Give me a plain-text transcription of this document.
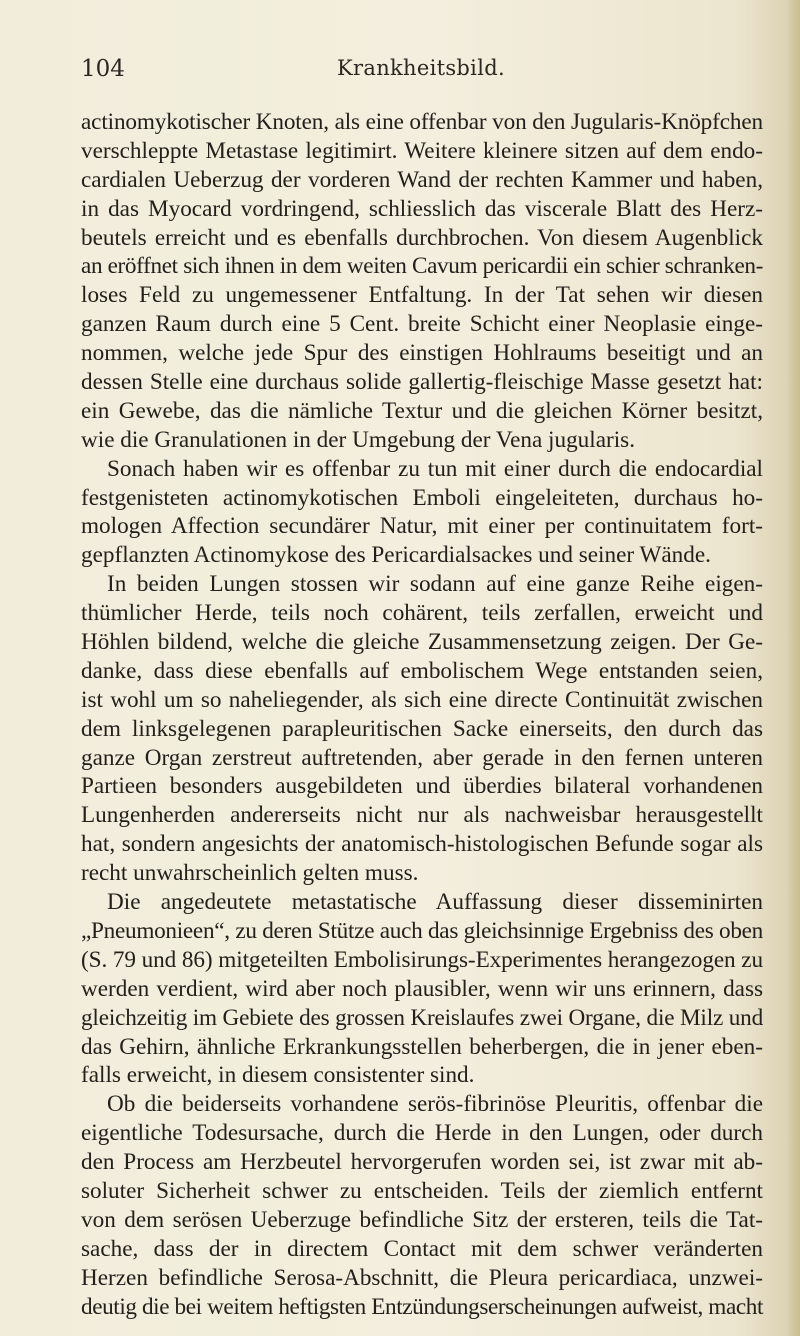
104	Krankheitsbild.
actinomykotischer Knoten, als eine offenbar von den Jugularis-Knöpfchen
verschleppte Metastase legitimirt. Weitere kleinere sitzen auf dem endo-
cardialen Ueberzug der vorderen Wand der rechten Kammer und haben,
in das Myocard vordringend, schliesslich das viscerale Blatt des Herz-
beutels erreicht und es ebenfalls durchbrochen. Von diesem Augenblick
an eröffnet sich ihnen in dem weiten Cavum pericardii ein schier schranken-
loses Feld zu ungemessener Entfaltung. In der Tat sehen wir diesen
ganzen Raum durch eine 5 Cent. breite Schicht einer Neoplasie einge-
nommen, welche jede Spur des einstigen Hohlraums beseitigt und an
dessen Stelle eine durchaus solide gallertig-fleischige Masse gesetzt hat:
ein Gewebe, das die nämliche Textur und die gleichen Körner besitzt,
wie die Granulationen in der Umgebung der Vena jugularis.
Sonach haben wir es offenbar zu tun mit einer durch die endocardial
festgenisteten actinomykotischen Emboli eingeleiteten, durchaus ho-
mologen Affection secundärer Natur, mit einer per continuitatem fort-
gepflanzten Actinomykose des Pericardialsackes und seiner Wände.
In beiden Lungen stossen wir sodann auf eine ganze Reihe eigen-
thümlicher Herde, teils noch cohärent, teils zerfallen, erweicht und
Höhlen bildend, welche die gleiche Zusammensetzung zeigen. Der Ge-
danke, dass diese ebenfalls auf embolischem Wege entstanden seien,
ist wohl um so naheliegender, als sich eine directe Continuität zwischen
dem linksgelegenen parapleuritischen Sacke einerseits, den durch das
ganze Organ zerstreut auftretenden, aber gerade in den fernen unteren
Partieen besonders ausgebildeten und überdies bilateral vorhandenen
Lungenherden andererseits nicht nur als nachweisbar herausgestellt
hat, sondern angesichts der anatomisch-histologischen Befunde sogar als
recht unwahrscheinlich gelten muss.
Die angedeutete metastatische Auffassung dieser disseminirten
„Pneumonieen“, zu deren Stütze auch das gleichsinnige Ergebniss des oben
(S. 79 und 86) mitgeteilten Embolisirungs-Experimentes herangezogen zu
werden verdient, wird aber noch plausibler, wenn wir uns erinnern, dass
gleichzeitig im Gebiete des grossen Kreislaufes zwei Organe, die Milz und
das Gehirn, ähnliche Erkrankungsstellen beherbergen, die in jener eben-
falls erweicht, in diesem consistenter sind.
Ob die beiderseits vorhandene serös-fibrinöse Pleuritis, offenbar die
eigentliche Todesursache, durch die Herde in den Lungen, oder durch
den Process am Herzbeutel hervorgerufen worden sei, ist zwar mit ab-
soluter Sicherheit schwer zu entscheiden. Teils der ziemlich entfernt
von dem serösen Ueberzuge befindliche Sitz der ersteren, teils die Tat-
sache, dass der in directem Contact mit dem schwer veränderten
Herzen befindliche Serosa-Abschnitt, die Pleura pericardiaca, unzwei-
deutig die bei weitem heftigsten Entzündungserscheinungen aufweist, macht
